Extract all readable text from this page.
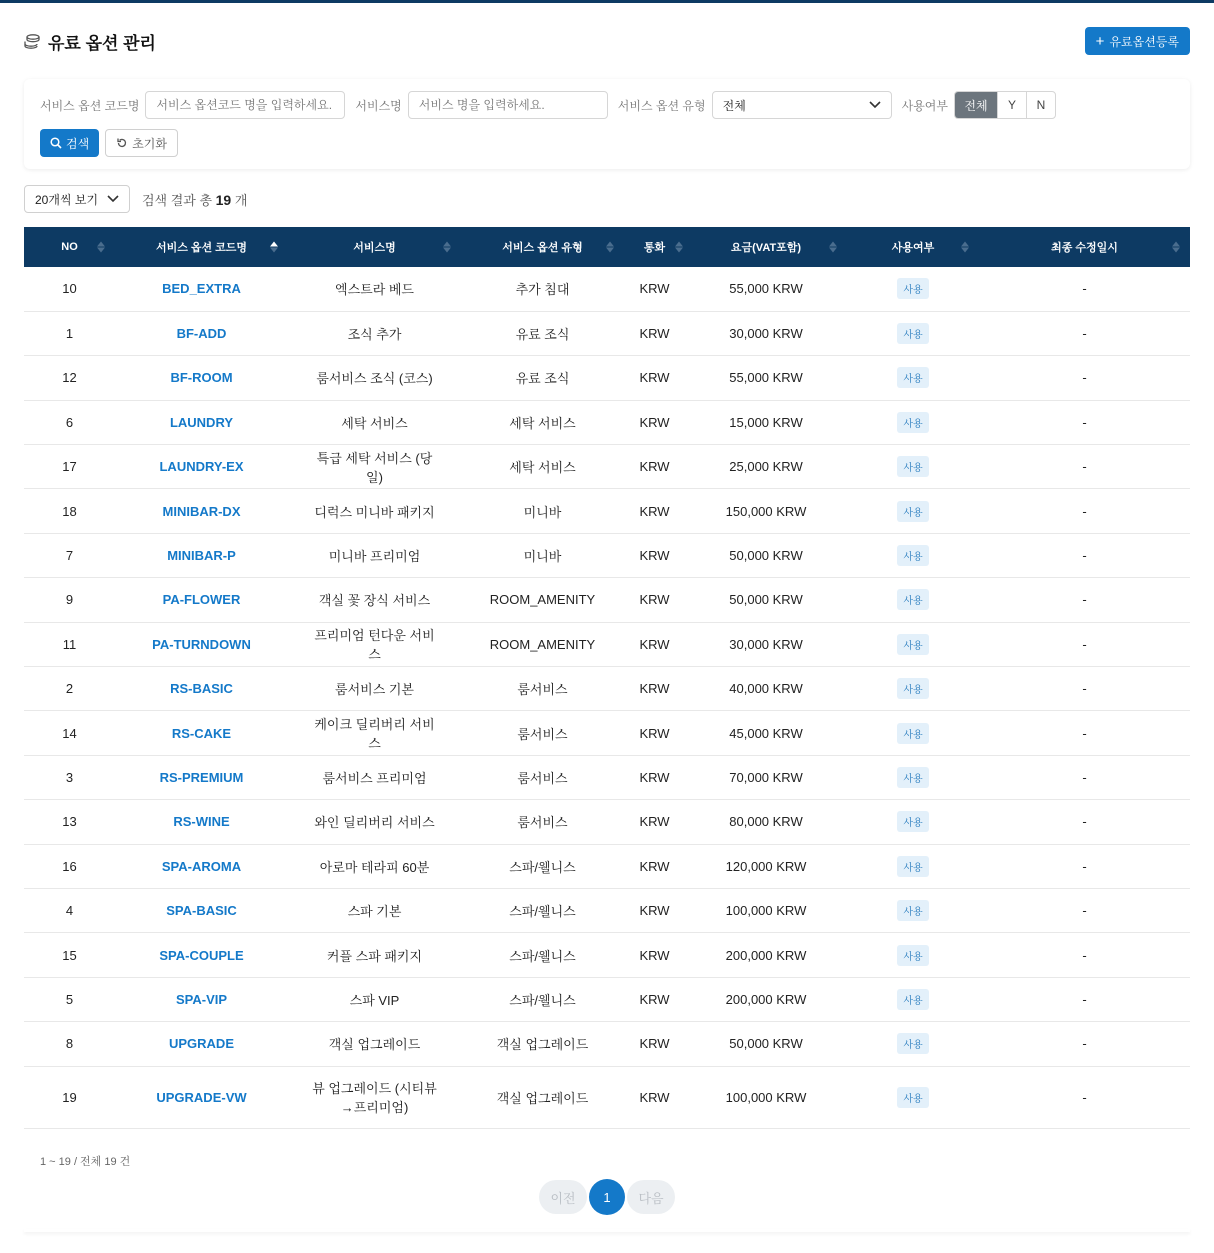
유료 옵션 관리	+ 유료옵션등록
서비스 옵션 코드명
서비스 옵션코드 명을 입력하세요.	서비스명
서비스 명을 입력하세요.	서비스 옵션 유형 전체	사용여부	전체	Y	N
검색	초기화
20개씩 보기	검색 결과 총 19 개
NO	서비스 옵션 코드명	서비스명	서비스 옵션 유형	통화	요금(VAT포함)	사용여부	최종 수정일시

10	BED_EXTRA	엑스트라 베드	추가 침대	KRW	55,000 KRW	사용	-
1	BF-ADD	조식 추가	유료 조식	KRW	30,000 KRW	사용	-
12	BF-ROOM	룸서비스 조식 (코스)	유료 조식	KRW	55,000 KRW	사용	-
6	LAUNDRY	세탁 서비스	세탁 서비스	KRW	15,000 KRW	사용	-
17	LAUNDRY-EX	특급 세탁 서비스 (당일)	세탁 서비스	KRW	25,000 KRW	사용	-
18	MINIBAR-DX	디럭스 미니바 패키지	미니바	KRW	150,000 KRW	사용	-
7	MINIBAR-P	미니바 프리미엄	미니바	KRW	50,000 KRW	사용	-
9	PA-FLOWER	객실 꽃 장식 서비스	ROOM_AMENITY	KRW	50,000 KRW	사용	-
11	PA-TURNDOWN	프리미엄 턴다운 서비스	ROOM_AMENITY	KRW	30,000 KRW	사용	-
2	RS-BASIC	룸서비스 기본	룸서비스	KRW	40,000 KRW	사용	-
14	RS-CAKE	케이크 딜리버리 서비스	룸서비스	KRW	45,000 KRW	사용	-
3	RS-PREMIUM	룸서비스 프리미엄	룸서비스	KRW	70,000 KRW	사용	-
13	RS-WINE	와인 딜리버리 서비스	룸서비스	KRW	80,000 KRW	사용	-
16	SPA-AROMA	아로마 테라피 60분	스파/웰니스	KRW	120,000 KRW	사용	-
4	SPA-BASIC	스파 기본	스파/웰니스	KRW	100,000 KRW	사용	-
15	SPA-COUPLE	커플 스파 패키지	스파/웰니스	KRW	200,000 KRW	사용	-
5	SPA-VIP	스파 VIP	스파/웰니스	KRW	200,000 KRW	사용	-
8	UPGRADE	객실 업그레이드	객실 업그레이드	KRW	50,000 KRW	사용	-
19	UPGRADE-VW	뷰 업그레이드 (시티뷰→프리미엄)	객실 업그레이드	KRW	100,000 KRW	사용	-
1 ~ 19 / 전체 19 건
이전	1	다음
